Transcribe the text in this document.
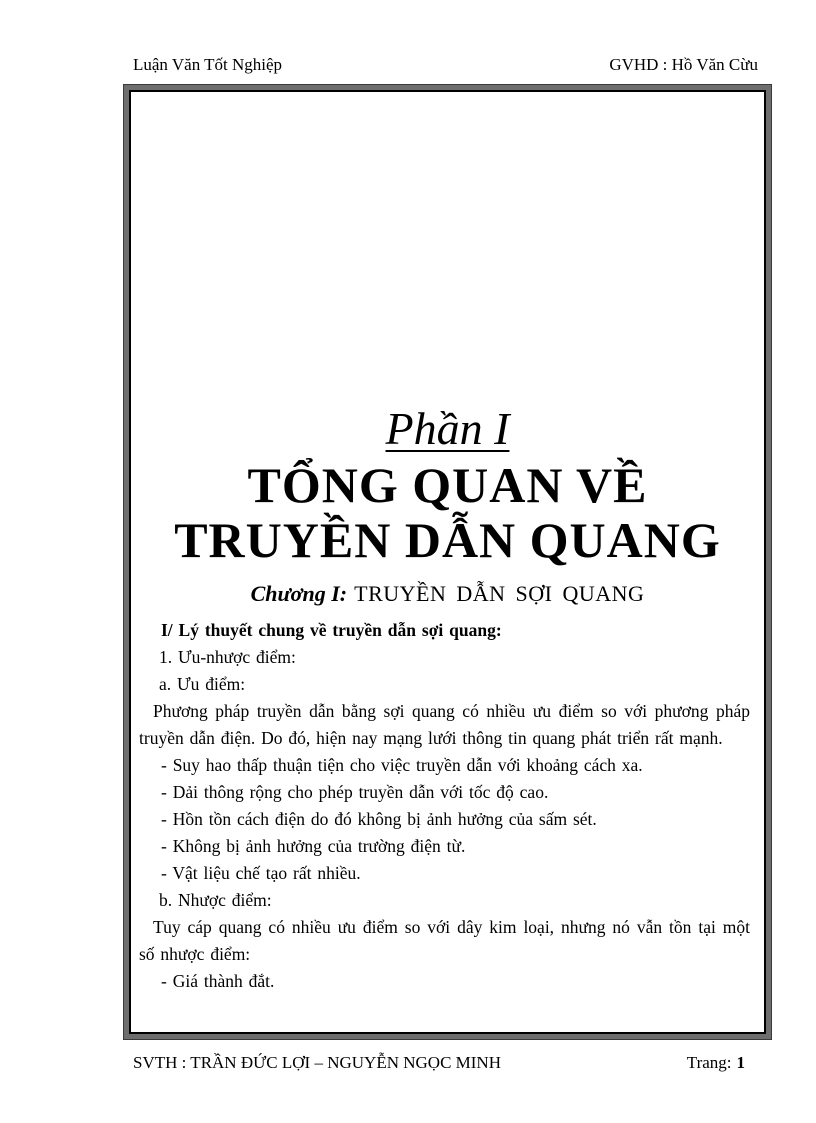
Luận Văn Tốt Nghiệp	GVHD : Hồ Văn Cừu
Phần I
TỔNG QUAN VỀ
TRUYỀN DẪN QUANG
Chương I: TRUYỀN DẪN SỢI QUANG
I/ Lý thuyết chung về truyền dẫn sợi quang:
1. Ưu-nhược điểm:
a. Ưu điểm:
Phương pháp truyền dẫn bằng sợi quang có nhiều ưu điểm so với phương pháp truyền dẫn điện. Do đó, hiện nay mạng lưới thông tin quang phát triển rất mạnh.
- Suy hao thấp thuận tiện cho việc truyền dẫn với khoảng cách xa.
- Dải thông rộng cho phép truyền dẫn với tốc độ cao.
- Hồn tồn cách điện do đó không bị ảnh hưởng của sấm sét.
- Không bị ảnh hưởng của trường điện từ.
- Vật liệu chế tạo rất nhiều.
b. Nhược điểm:
Tuy cáp quang có nhiều ưu điểm so với dây kim loại, nhưng nó vẫn tồn tại một số nhược điểm:
- Giá thành đắt.
SVTH : TRẦN ĐỨC LỢI – NGUYỄN NGỌC MINH	Trang: 1
